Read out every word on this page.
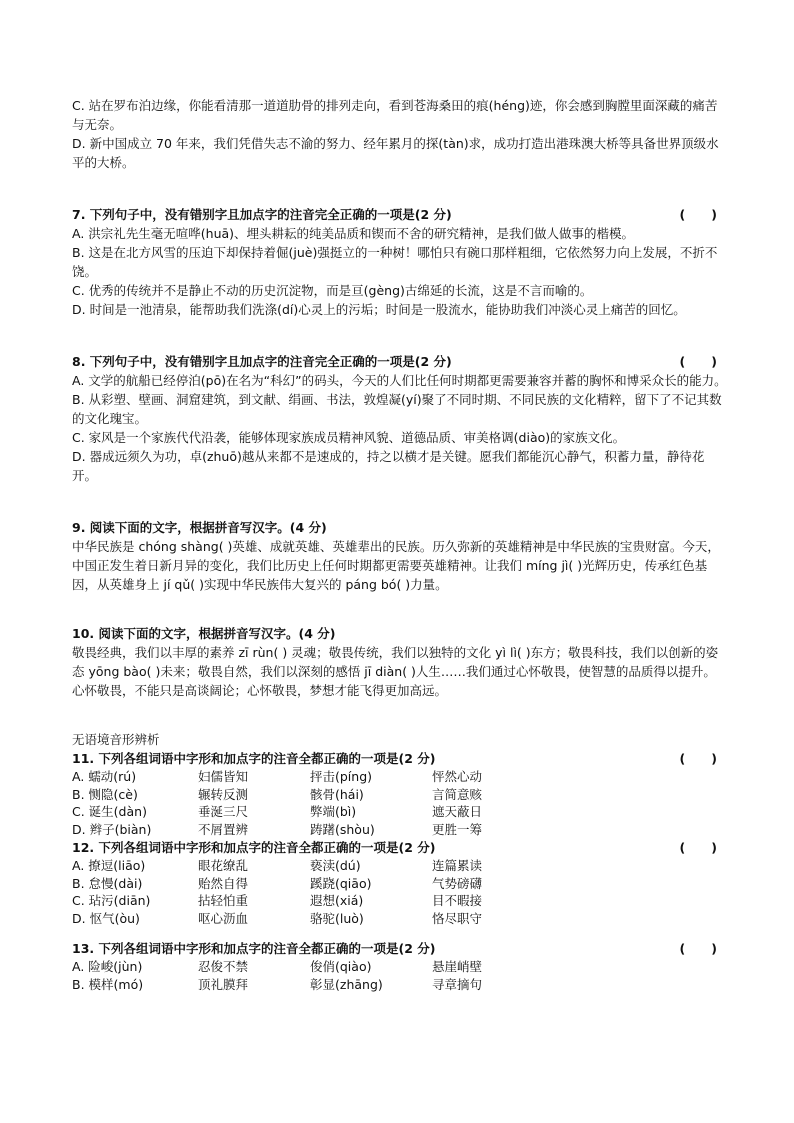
C. 站在罗布泊边缘，你能看清那一道道肋骨的排列走向，看到苍海桑田的痕(héng)迹，你会感到胸膛里面深藏的痛苦与无奈。

D. 新中国成立 70 年来，我们凭借失志不渝的努力、经年累月的探(tàn)求，成功打造出港珠澳大桥等具备世界顶级水平的大桥。

7. 下列句子中，没有错别字且加点字的注音完全正确的一项是(2 分)	(      )

A. 洪宗礼先生毫无喧哗(huā)、埋头耕耘的纯美品质和锲而不舍的研究精神，是我们做人做事的楷模。

B. 这是在北方风雪的压迫下却保持着倔(juè)强挺立的一种树！哪怕只有碗口那样粗细，它依然努力向上发展，不折不饶。

C. 优秀的传统并不是静止不动的历史沉淀物，而是亘(gèng)古绵延的长流，这是不言而喻的。

D. 时间是一池清泉，能帮助我们洗涤(dí)心灵上的污垢；时间是一股流水，能协助我们冲淡心灵上痛苦的回忆。

8. 下列句子中，没有错别字且加点字的注音完全正确的一项是(2 分)	(      )

A. 文学的航船已经停泊(pō)在名为“科幻”的码头，今天的人们比任何时期都更需要兼容并蓄的胸怀和博采众长的能力。

B. 从彩塑、壁画、洞窟建筑，到文献、绢画、书法，敦煌凝(yí)聚了不同时期、不同民族的文化精粹，留下了不记其数的文化瑰宝。

C. 家风是一个家族代代沿袭，能够体现家族成员精神风貌、道德品质、审美格调(diào)的家族文化。

D. 器成远须久为功，卓(zhuō)越从来都不是速成的，持之以横才是关键。愿我们都能沉心静气，积蓄力量，静待花开。

9. 阅读下面的文字，根据拼音写汉字。(4 分)

中华民族是 chóng shàng( )英雄、成就英雄、英雄辈出的民族。历久弥新的英雄精神是中华民族的宝贵财富。今天，中国正发生着日新月异的变化，我们比历史上任何时期都更需要英雄精神。让我们 míng jì( )光辉历史，传承红色基因，从英雄身上 jí qǔ( )实现中华民族伟大复兴的 páng bó( )力量。

10. 阅读下面的文字，根据拼音写汉字。(4 分)

敬畏经典，我们以丰厚的素养 zī rùn( ) 灵魂；敬畏传统，我们以独特的文化 yì lì( )东方；敬畏科技，我们以创新的姿态 yōng bào( )未来；敬畏自然，我们以深刻的感悟 jī diàn( )人生……我们通过心怀敬畏，使智慧的品质得以提升。心怀敬畏，不能只是高谈阔论；心怀敬畏，梦想才能飞得更加高远。

无语境音形辨析
11. 下列各组词语中字形和加点字的注音全都正确的一项是(2 分)	(      )
A. 蠕动(rú)	妇儒皆知	抨击(píng)	怦然心动
B. 恻隐(cè)	辗转反测	骸骨(hái)	言简意赅
C. 诞生(dàn)	垂涎三尺	弊端(bì)	遮天蔽日
D. 辫子(biàn)	不屑置辨	踌躇(shòu)	更胜一筹
12. 下列各组词语中字形和加点字的注音全都正确的一项是(2 分)	(      )
A. 撩逗(liāo)	眼花缭乱	亵渎(dú)	连篇累读
B. 怠慢(dài)	贻然自得	蹊跷(qiāo)	气势磅礴
C. 玷污(diān)	拈轻怕重	遐想(xiá)	目不暇接
D. 怄气(òu)	呕心沥血	骆驼(luò)	恪尽职守
13. 下列各组词语中字形和加点字的注音全都正确的一项是(2 分)	(      )
A. 险峻(jùn)	忍俊不禁	俊俏(qiào)	悬崖峭壁
B. 模样(mó)	顶礼膜拜	彰显(zhāng)	寻章摘句
